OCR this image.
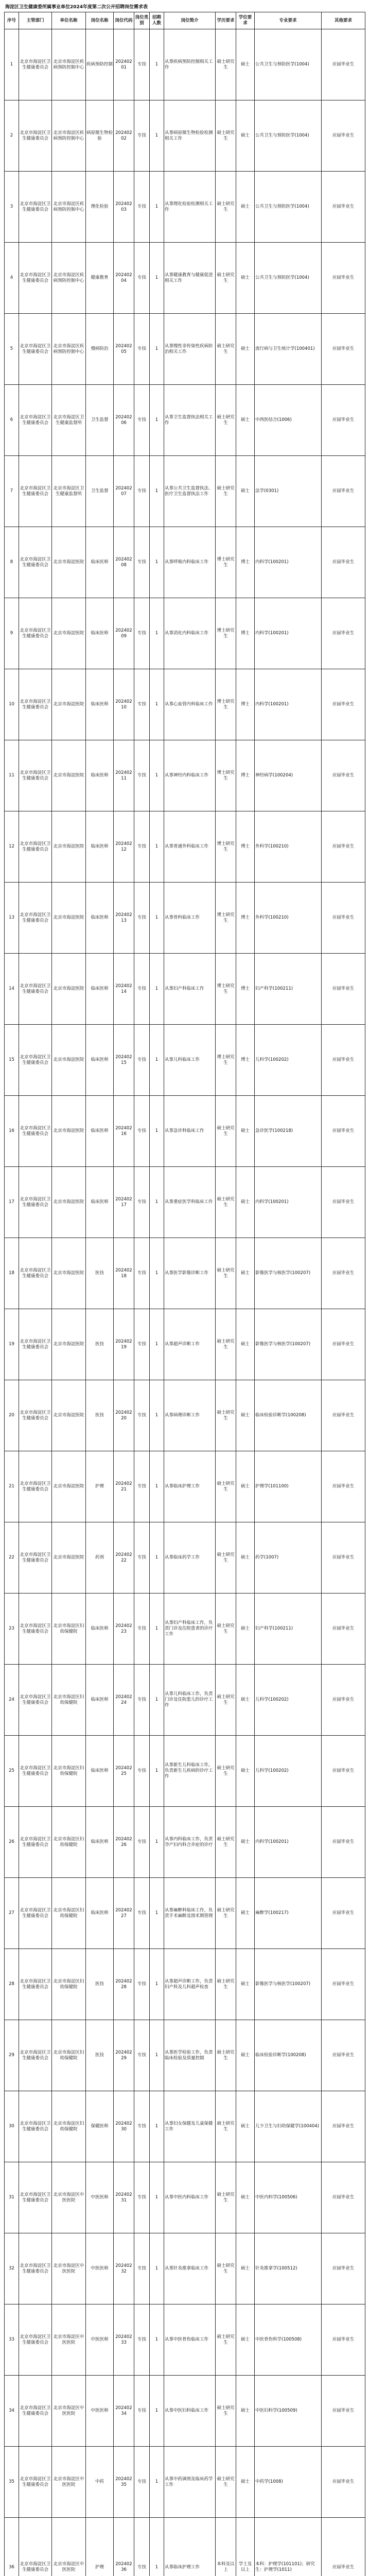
海淀区卫生健康委所属事业单位2024年度第二次公开招聘岗位需求表
序号	主管部门	单位名称	岗位名称	岗位代码	岗位类别	招聘人数	岗位简介	学历要求	学位要求	专业要求	其他要求
1	北京市海淀区卫生健康委员会	北京市海淀区疾病预防控制中心	疾病预防控制	20240201	专技	1	从事疾病预防控制相关工作	硕士研究生	硕士	公共卫生与预防医学(1004)	应届毕业生
2	北京市海淀区卫生健康委员会	北京市海淀区疾病预防控制中心	病原微生物检验	20240202	专技	1	从事病原微生物检验检测相关工作	硕士研究生	硕士	公共卫生与预防医学(1004)	应届毕业生
3	北京市海淀区卫生健康委员会	北京市海淀区疾病预防控制中心	理化检验	20240203	专技	1	从事理化检验检测相关工作	硕士研究生	硕士	公共卫生与预防医学(1004)	应届毕业生
4	北京市海淀区卫生健康委员会	北京市海淀区疾病预防控制中心	健康教育	20240204	专技	1	从事健康教育与健康促进相关工作	硕士研究生	硕士	公共卫生与预防医学(1004)	应届毕业生
5	北京市海淀区卫生健康委员会	北京市海淀区疾病预防控制中心	慢病防治	20240205	专技	1	从事慢性非传染性疾病防治相关工作	硕士研究生	硕士	流行病与卫生统计学(100401)	应届毕业生
6	北京市海淀区卫生健康委员会	北京市海淀区卫生健康监督所	卫生监督	20240206	专技	1	从事卫生监督执法相关工作	硕士研究生	硕士	中西医结合(1006)	应届毕业生
7	北京市海淀区卫生健康委员会	北京市海淀区卫生健康监督所	卫生监督	20240207	专技	1	从事公共卫生监督执法、医疗卫生监督执法工作	硕士研究生	硕士	法学(0301)	应届毕业生
8	北京市海淀区卫生健康委员会	北京市海淀医院	临床医师	20240208	专技	1	从事呼吸内科临床工作	博士研究生	博士	内科学(100201)	应届毕业生
9	北京市海淀区卫生健康委员会	北京市海淀医院	临床医师	20240209	专技	1	从事消化内科临床工作	博士研究生	博士	内科学(100201)	应届毕业生
10	北京市海淀区卫生健康委员会	北京市海淀医院	临床医师	20240210	专技	1	从事心血管内科临床工作	博士研究生	博士	内科学(100201)	应届毕业生
11	北京市海淀区卫生健康委员会	北京市海淀医院	临床医师	20240211	专技	1	从事神经内科临床工作	博士研究生	博士	神经病学(100204)	应届毕业生
12	北京市海淀区卫生健康委员会	北京市海淀医院	临床医师	20240212	专技	1	从事普通外科临床工作	博士研究生	博士	外科学(100210)	应届毕业生
13	北京市海淀区卫生健康委员会	北京市海淀医院	临床医师	20240213	专技	1	从事骨科临床工作	博士研究生	博士	外科学(100210)	应届毕业生
14	北京市海淀区卫生健康委员会	北京市海淀医院	临床医师	20240214	专技	1	从事妇产科临床工作	博士研究生	博士	妇产科学(100211)	应届毕业生
15	北京市海淀区卫生健康委员会	北京市海淀医院	临床医师	20240215	专技	1	从事儿科临床工作	博士研究生	博士	儿科学(100202)	应届毕业生
16	北京市海淀区卫生健康委员会	北京市海淀医院	临床医师	20240216	专技	1	从事急诊科临床工作	硕士研究生	硕士	急诊医学(100218)	应届毕业生
17	北京市海淀区卫生健康委员会	北京市海淀医院	临床医师	20240217	专技	1	从事重症医学科临床工作	硕士研究生	硕士	内科学(100201)	应届毕业生
18	北京市海淀区卫生健康委员会	北京市海淀医院	医技	20240218	专技	1	从事医学影像诊断工作	硕士研究生	硕士	影像医学与核医学(100207)	应届毕业生
19	北京市海淀区卫生健康委员会	北京市海淀医院	医技	20240219	专技	1	从事超声诊断工作	硕士研究生	硕士	影像医学与核医学(100207)	应届毕业生
20	北京市海淀区卫生健康委员会	北京市海淀医院	医技	20240220	专技	1	从事病理诊断工作	硕士研究生	硕士	临床检验诊断学(100208)	应届毕业生
21	北京市海淀区卫生健康委员会	北京市海淀医院	护理	20240221	专技	1	从事临床护理工作	硕士研究生	硕士	护理学(101100)	应届毕业生
22	北京市海淀区卫生健康委员会	北京市海淀医院	药剂	20240222	专技	1	从事临床药学工作	硕士研究生	硕士	药学(1007)	应届毕业生
23	北京市海淀区卫生健康委员会	北京市海淀区妇幼保健院	临床医师	20240223	专技	1	从事妇产科临床工作，负责门诊及住院患者的诊疗工作	硕士研究生	硕士	妇产科学(100211)	应届毕业生
24	北京市海淀区卫生健康委员会	北京市海淀区妇幼保健院	临床医师	20240224	专技	1	从事儿科临床工作，负责门诊及住院患儿的诊疗工作	硕士研究生	硕士	儿科学(100202)	应届毕业生
25	北京市海淀区卫生健康委员会	北京市海淀区妇幼保健院	临床医师	20240225	专技	1	从事新生儿科临床工作，负责新生儿疾病的诊疗工作	硕士研究生	硕士	儿科学(100202)	应届毕业生
26	北京市海淀区卫生健康委员会	北京市海淀区妇幼保健院	临床医师	20240226	专技	1	从事内科临床工作，负责孕产妇内科合并症的诊疗	硕士研究生	硕士	内科学(100201)	应届毕业生
27	北京市海淀区卫生健康委员会	北京市海淀区妇幼保健院	临床医师	20240227	专技	1	从事麻醉科临床工作，负责手术麻醉及围术期管理	硕士研究生	硕士	麻醉学(100217)	应届毕业生
28	北京市海淀区卫生健康委员会	北京市海淀区妇幼保健院	医技	20240228	专技	1	从事超声诊断工作，负责妇产科及儿科超声检查	硕士研究生	硕士	影像医学与核医学(100207)	应届毕业生
29	北京市海淀区卫生健康委员会	北京市海淀区妇幼保健院	医技	20240229	专技	1	从事医学检验工作，负责临床检验及质量控制	硕士研究生	硕士	临床检验诊断学(100208)	应届毕业生
30	北京市海淀区卫生健康委员会	北京市海淀区妇幼保健院	保健医师	20240230	专技	1	从事妇女保健及儿童保健工作	硕士研究生	硕士	儿少卫生与妇幼保健学(100404)	应届毕业生
31	北京市海淀区卫生健康委员会	北京市海淀区中医医院	中医医师	20240231	专技	1	从事中医内科临床工作	硕士研究生	硕士	中医内科学(100506)	应届毕业生
32	北京市海淀区卫生健康委员会	北京市海淀区中医医院	中医医师	20240232	专技	1	从事针灸推拿临床工作	硕士研究生	硕士	针灸推拿学(100512)	应届毕业生
33	北京市海淀区卫生健康委员会	北京市海淀区中医医院	中医医师	20240233	专技	1	从事中医骨伤临床工作	硕士研究生	硕士	中医骨伤科学(100508)	应届毕业生
34	北京市海淀区卫生健康委员会	北京市海淀区中医医院	中医医师	20240234	专技	1	从事中医妇科临床工作	硕士研究生	硕士	中医妇科学(100509)	应届毕业生
35	北京市海淀区卫生健康委员会	北京市海淀区中医医院	中药	20240235	专技	1	从事中药调剂及临床药学工作	硕士研究生	硕士	中药学(1008)	应届毕业生
36	北京市海淀区卫生健康委员会	北京市海淀区中医医院	护理	20240236	专技	1	从事临床护理工作	本科及以上	学士及以上	本科：护理学(101101)；研究生：护理学(1011)	应届毕业生
